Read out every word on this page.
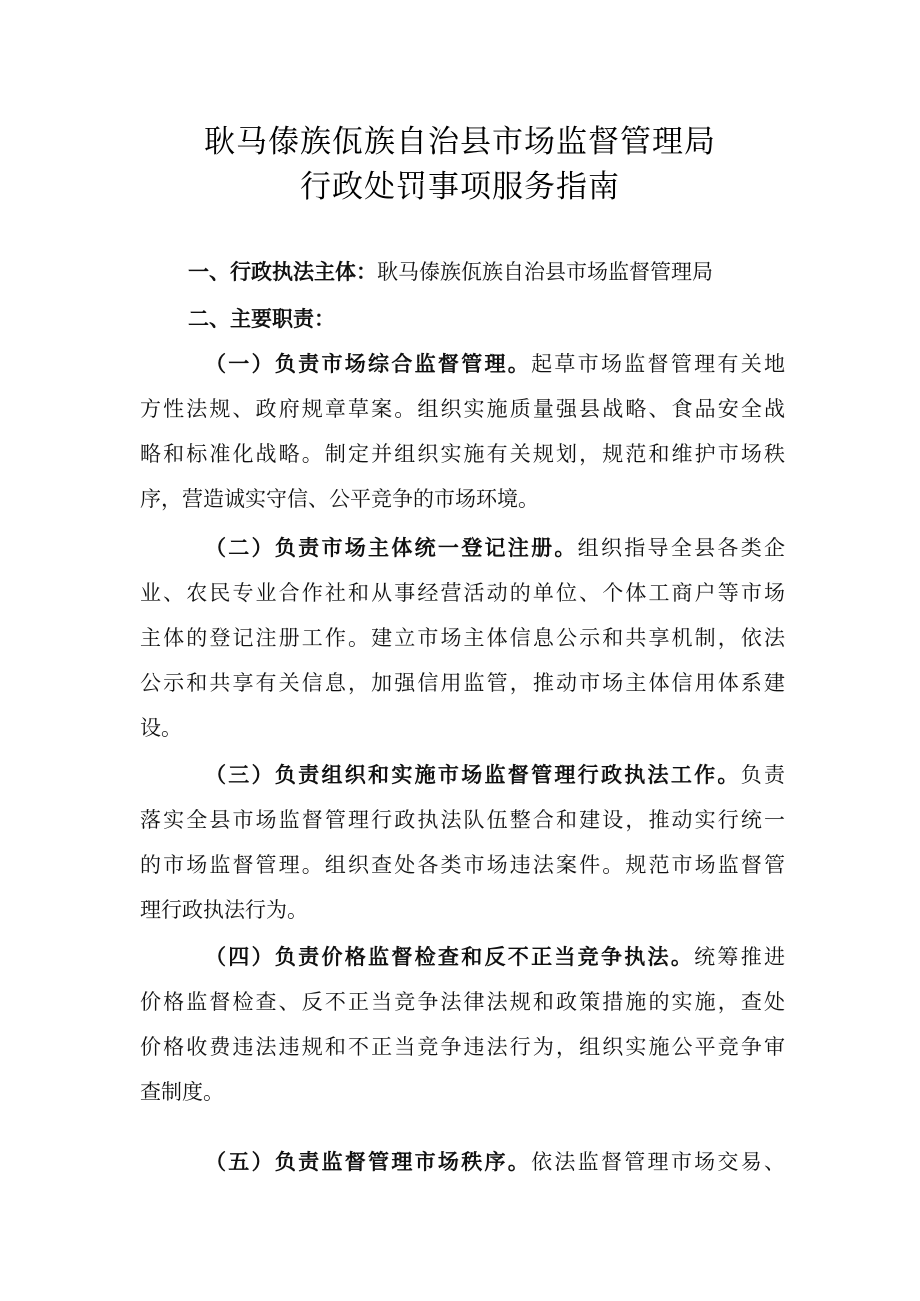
耿马傣族佤族自治县市场监督管理局
行政处罚事项服务指南
一、行政执法主体：耿马傣族佤族自治县市场监督管理局
二、主要职责：
（一）负责市场综合监督管理。起草市场监督管理有关地
方性法规、政府规章草案。组织实施质量强县战略、食品安全战
略和标准化战略。制定并组织实施有关规划，规范和维护市场秩
序，营造诚实守信、公平竞争的市场环境。
（二）负责市场主体统一登记注册。组织指导全县各类企
业、农民专业合作社和从事经营活动的单位、个体工商户等市场
主体的登记注册工作。建立市场主体信息公示和共享机制，依法
公示和共享有关信息，加强信用监管，推动市场主体信用体系建
设。
（三）负责组织和实施市场监督管理行政执法工作。负责
落实全县市场监督管理行政执法队伍整合和建设，推动实行统一
的市场监督管理。组织查处各类市场违法案件。规范市场监督管
理行政执法行为。
（四）负责价格监督检查和反不正当竞争执法。统筹推进
价格监督检查、反不正当竞争法律法规和政策措施的实施，查处
价格收费违法违规和不正当竞争违法行为，组织实施公平竞争审
查制度。
（五）负责监督管理市场秩序。依法监督管理市场交易、
